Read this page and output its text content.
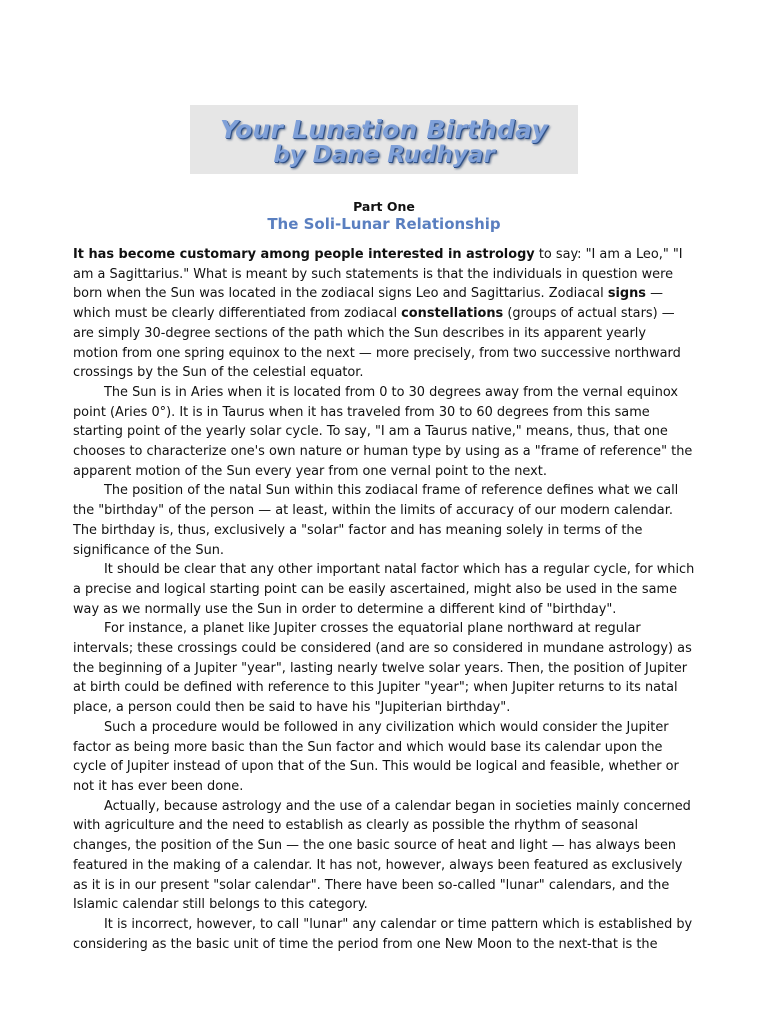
Your Lunation Birthday
by Dane Rudhyar
Part One
The Soli-Lunar Relationship

It has become customary among people interested in astrology to say: "I am a Leo," "I am a Sagittarius." What is meant by such statements is that the individuals in question were born when the Sun was located in the zodiacal signs Leo and Sagittarius. Zodiacal signs — which must be clearly differentiated from zodiacal constellations (groups of actual stars) — are simply 30-degree sections of the path which the Sun describes in its apparent yearly motion from one spring equinox to the next — more precisely, from two successive northward crossings by the Sun of the celestial equator.

The Sun is in Aries when it is located from 0 to 30 degrees away from the vernal equinox point (Aries 0°). It is in Taurus when it has traveled from 30 to 60 degrees from this same starting point of the yearly solar cycle. To say, "I am a Taurus native," means, thus, that one chooses to characterize one's own nature or human type by using as a "frame of reference" the apparent motion of the Sun every year from one vernal point to the next.

The position of the natal Sun within this zodiacal frame of reference defines what we call the "birthday" of the person — at least, within the limits of accuracy of our modern calendar. The birthday is, thus, exclusively a "solar" factor and has meaning solely in terms of the significance of the Sun.

It should be clear that any other important natal factor which has a regular cycle, for which a precise and logical starting point can be easily ascertained, might also be used in the same way as we normally use the Sun in order to determine a different kind of "birthday".

For instance, a planet like Jupiter crosses the equatorial plane northward at regular intervals; these crossings could be considered (and are so considered in mundane astrology) as the beginning of a Jupiter "year", lasting nearly twelve solar years. Then, the position of Jupiter at birth could be defined with reference to this Jupiter "year"; when Jupiter returns to its natal place, a person could then be said to have his "Jupiterian birthday".

Such a procedure would be followed in any civilization which would consider the Jupiter factor as being more basic than the Sun factor and which would base its calendar upon the cycle of Jupiter instead of upon that of the Sun. This would be logical and feasible, whether or not it has ever been done.

Actually, because astrology and the use of a calendar began in societies mainly concerned with agriculture and the need to establish as clearly as possible the rhythm of seasonal changes, the position of the Sun — the one basic source of heat and light — has always been featured in the making of a calendar. It has not, however, always been featured as exclusively as it is in our present "solar calendar". There have been so-called "lunar" calendars, and the Islamic calendar still belongs to this category.

It is incorrect, however, to call "lunar" any calendar or time pattern which is established by considering as the basic unit of time the period from one New Moon to the next-that is the
